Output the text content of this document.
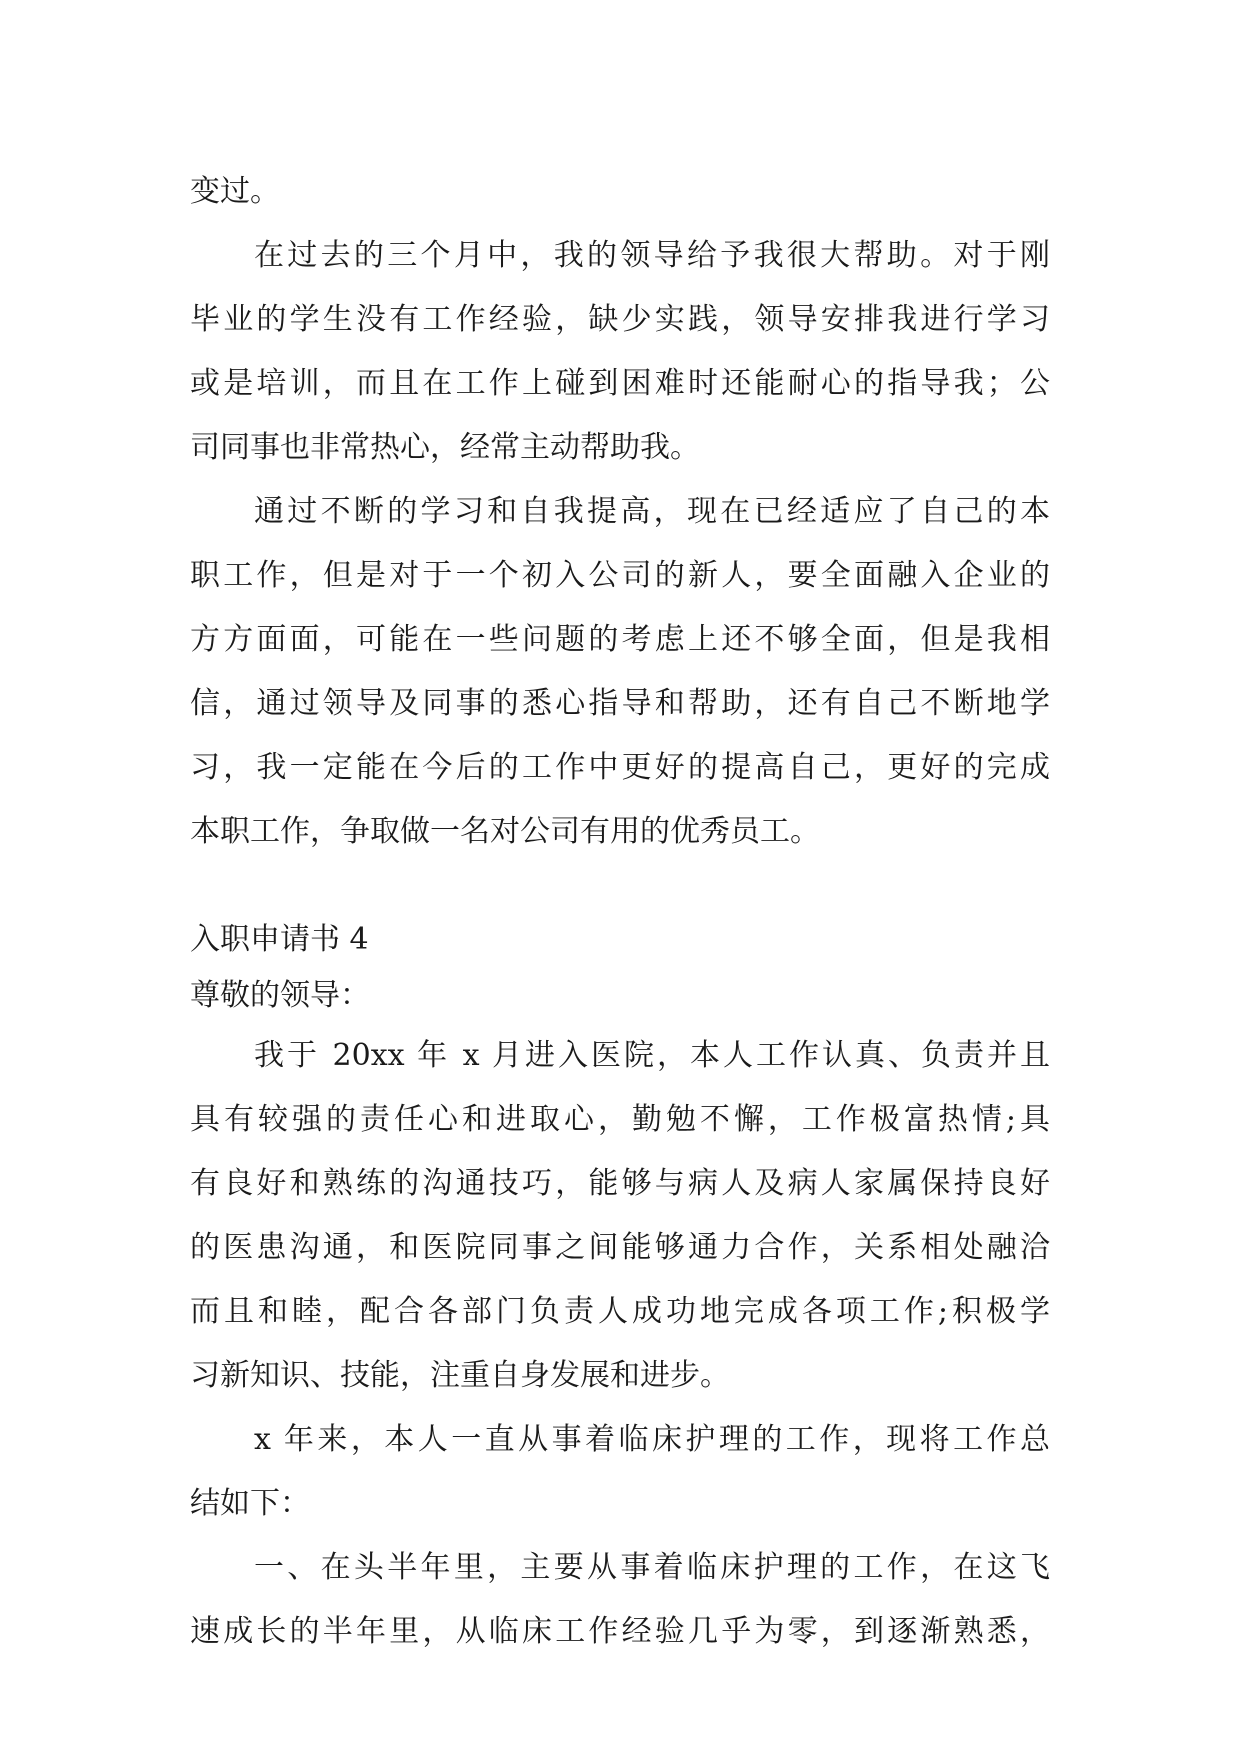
变过。
在过去的三个月中，我的领导给予我很大帮助。对于刚
毕业的学生没有工作经验，缺少实践，领导安排我进行学习
或是培训，而且在工作上碰到困难时还能耐心的指导我；公
司同事也非常热心，经常主动帮助我。
通过不断的学习和自我提高，现在已经适应了自己的本
职工作，但是对于一个初入公司的新人，要全面融入企业的
方方面面，可能在一些问题的考虑上还不够全面，但是我相
信，通过领导及同事的悉心指导和帮助，还有自己不断地学
习，我一定能在今后的工作中更好的提高自己，更好的完成
本职工作，争取做一名对公司有用的优秀员工。
入职申请书 4
尊敬的领导：
我于 20xx 年 x 月进入医院，本人工作认真、负责并且
具有较强的责任心和进取心，勤勉不懈，工作极富热情;具
有良好和熟练的沟通技巧，能够与病人及病人家属保持良好
的医患沟通，和医院同事之间能够通力合作，关系相处融洽
而且和睦，配合各部门负责人成功地完成各项工作;积极学
习新知识、技能，注重自身发展和进步。
x 年来，本人一直从事着临床护理的工作，现将工作总
结如下：
一、在头半年里，主要从事着临床护理的工作，在这飞
速成长的半年里，从临床工作经验几乎为零，到逐渐熟悉，
